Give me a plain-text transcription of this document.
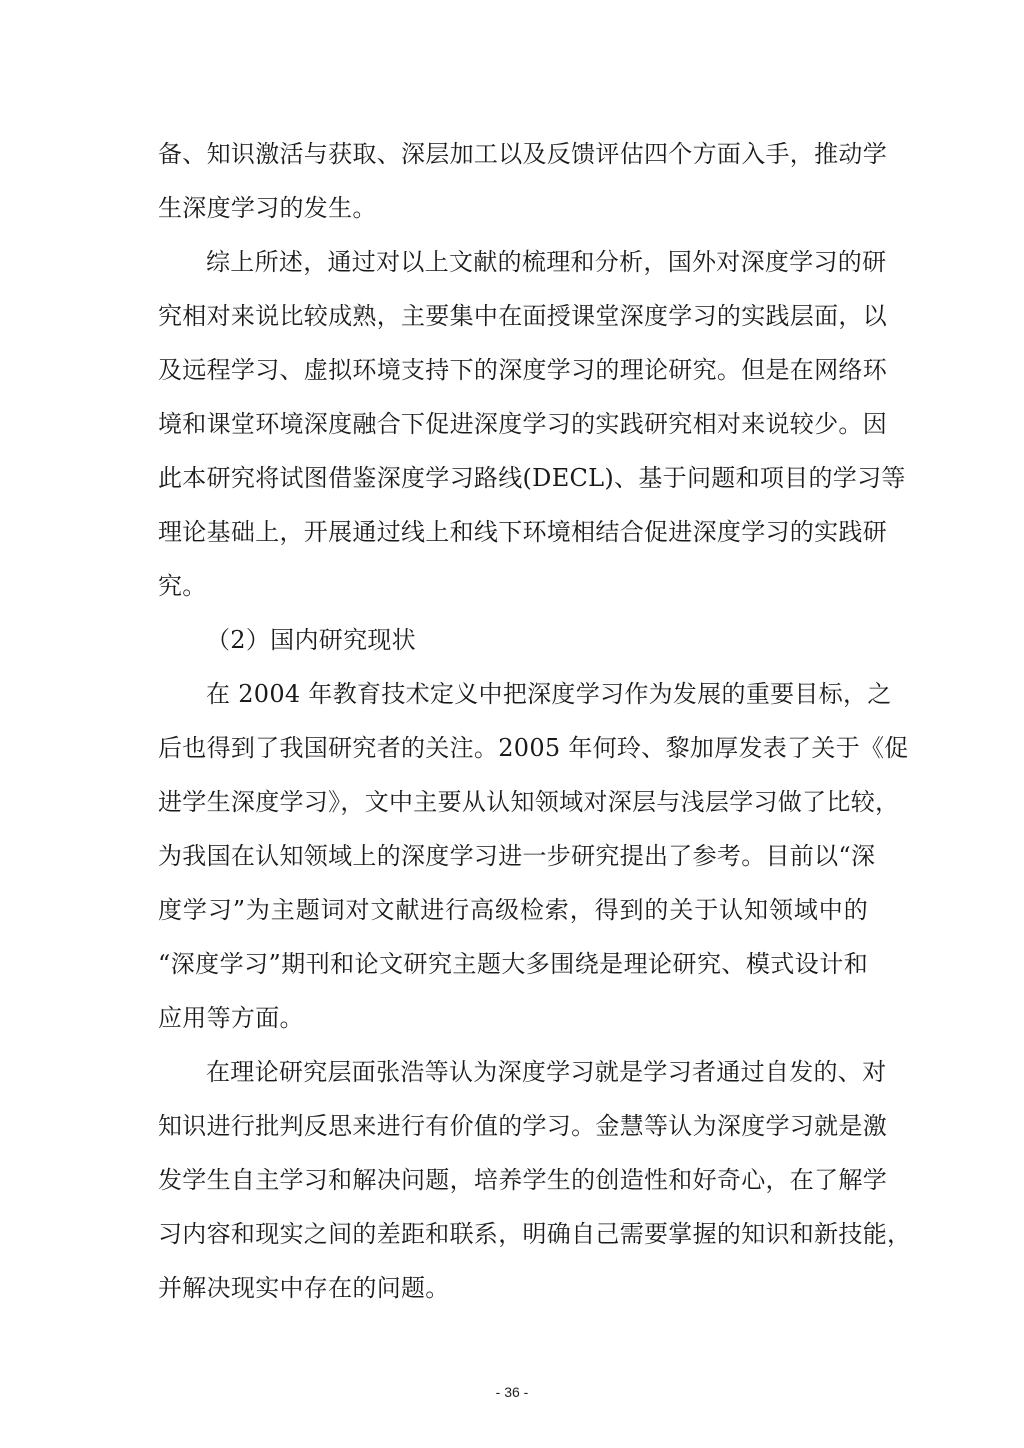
备、知识激活与获取、深层加工以及反馈评估四个方面入手，推动学
生深度学习的发生。
综上所述，通过对以上文献的梳理和分析，国外对深度学习的研
究相对来说比较成熟，主要集中在面授课堂深度学习的实践层面，以
及远程学习、虚拟环境支持下的深度学习的理论研究。但是在网络环
境和课堂环境深度融合下促进深度学习的实践研究相对来说较少。因
此本研究将试图借鉴深度学习路线(DECL)、基于问题和项目的学习等
理论基础上，开展通过线上和线下环境相结合促进深度学习的实践研
究。
（2）国内研究现状
在 2004 年教育技术定义中把深度学习作为发展的重要目标，之
后也得到了我国研究者的关注。2005 年何玲、黎加厚发表了关于《促
进学生深度学习》，文中主要从认知领域对深层与浅层学习做了比较，
为我国在认知领域上的深度学习进一步研究提出了参考。目前以“深
度学习”为主题词对文献进行高级检索，得到的关于认知领域中的
“深度学习”期刊和论文研究主题大多围绕是理论研究、模式设计和
应用等方面。
在理论研究层面张浩等认为深度学习就是学习者通过自发的、对
知识进行批判反思来进行有价值的学习。金慧等认为深度学习就是激
发学生自主学习和解决问题，培养学生的创造性和好奇心，在了解学
习内容和现实之间的差距和联系，明确自己需要掌握的知识和新技能，
并解决现实中存在的问题。
- 36 -
